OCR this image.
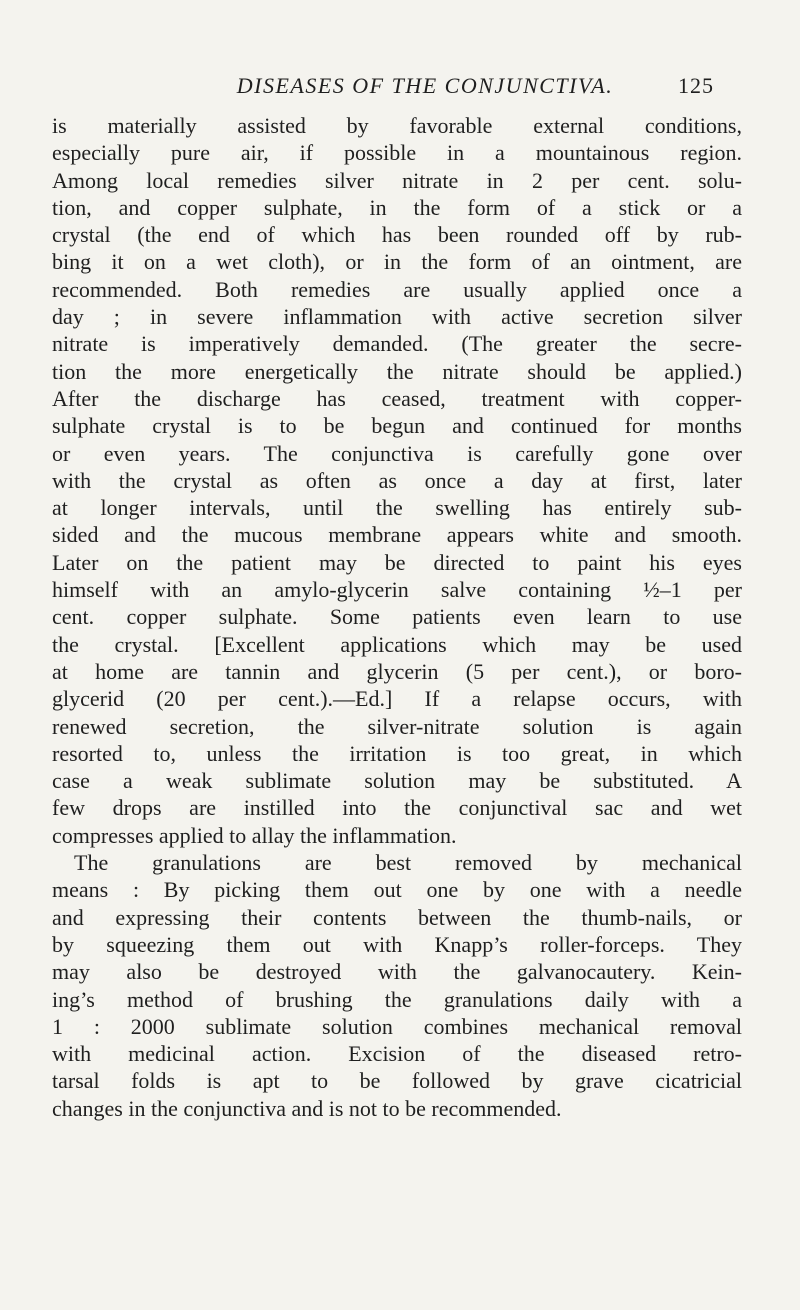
DISEASES OF THE CONJUNCTIVA.	125
is materially assisted by favorable external conditions,
especially pure air, if possible in a mountainous region.
Among local remedies silver nitrate in 2 per cent. solu-
tion, and copper sulphate, in the form of a stick or a
crystal (the end of which has been rounded off by rub-
bing it on a wet cloth), or in the form of an ointment, are
recommended. Both remedies are usually applied once a
day ; in severe inflammation with active secretion silver
nitrate is imperatively demanded. (The greater the secre-
tion the more energetically the nitrate should be applied.)
After the discharge has ceased, treatment with copper-
sulphate crystal is to be begun and continued for months
or even years. The conjunctiva is carefully gone over
with the crystal as often as once a day at first, later
at longer intervals, until the swelling has entirely sub-
sided and the mucous membrane appears white and smooth.
Later on the patient may be directed to paint his eyes
himself with an amylo-glycerin salve containing ½–1 per
cent. copper sulphate. Some patients even learn to use
the crystal. [Excellent applications which may be used
at home are tannin and glycerin (5 per cent.), or boro-
glycerid (20 per cent.).—Ed.] If a relapse occurs, with
renewed secretion, the silver-nitrate solution is again
resorted to, unless the irritation is too great, in which
case a weak sublimate solution may be substituted. A
few drops are instilled into the conjunctival sac and wet
compresses applied to allay the inflammation.
The granulations are best removed by mechanical
means : By picking them out one by one with a needle
and expressing their contents between the thumb-nails, or
by squeezing them out with Knapp’s roller-forceps. They
may also be destroyed with the galvanocautery. Kein-
ing’s method of brushing the granulations daily with a
1 : 2000 sublimate solution combines mechanical removal
with medicinal action. Excision of the diseased retro-
tarsal folds is apt to be followed by grave cicatricial
changes in the conjunctiva and is not to be recommended.
